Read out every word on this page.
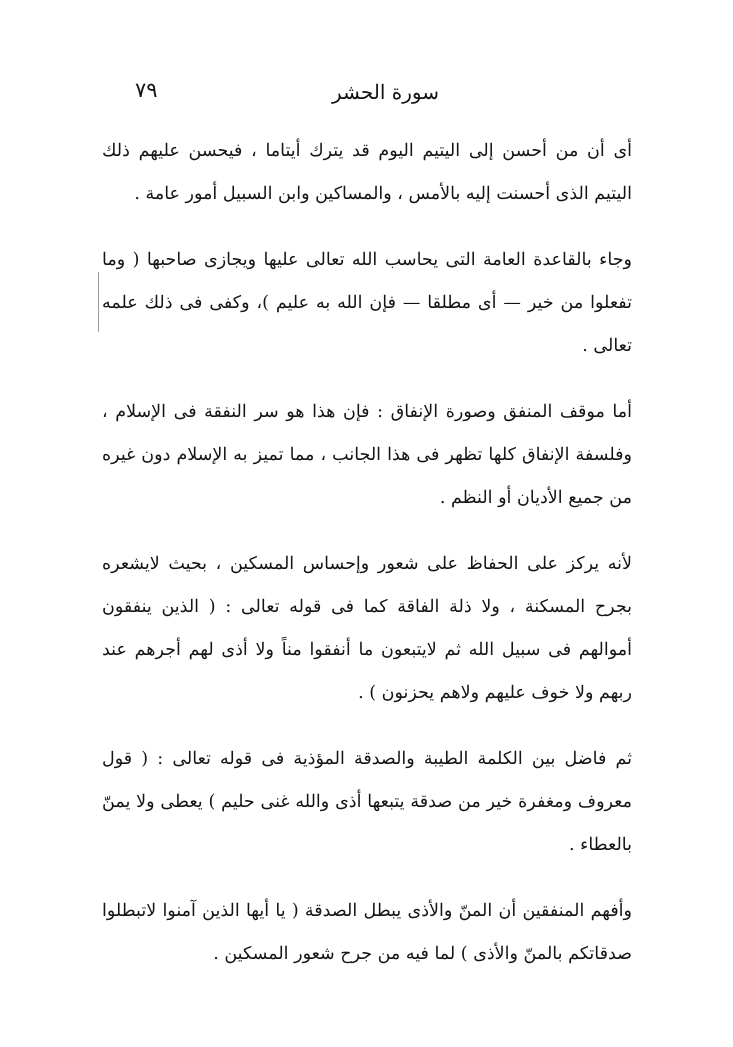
٧٩	سورة الحشر

أى أن من أحسن إلى اليتيم اليوم قد يترك أيتاما ، فيحسن عليهم ذلك اليتيم الذى أحسنت إليه بالأمس ، والمساكين وابن السبيل أمور عامة .

وجاء بالقاعدة العامة التى يحاسب الله تعالى عليها ويجازى صاحبها ( وما تفعلوا من خير — أى مطلقا — فإن الله به عليم )، وكفى فى ذلك علمه تعالى .

أما موقف المنفق وصورة الإنفاق : فإن هذا هو سر النفقة فى الإسلام ، وفلسفة الإنفاق كلها تظهر فى هذا الجانب ، مما تميز به الإسلام دون غيره من جميع الأديان أو النظم .

لأنه يركز على الحفاظ على شعور وإحساس المسكين ، بحيث لايشعره بجرح المسكنة ، ولا ذلة الفاقة كما فى قوله تعالى : ( الذين ينفقون أموالهم فى سبيل الله ثم لايتبعون ما أنفقوا مناً ولا أذى لهم أجرهم عند ربهم ولا خوف عليهم ولاهم يحزنون ) .

ثم فاضل بين الكلمة الطيبة والصدقة المؤذية فى قوله تعالى : ( قول معروف ومغفرة خير من صدقة يتبعها أذى والله غنى حليم ) يعطى ولا يمنّ بالعطاء .

وأفهم المنفقين أن المنّ والأذى يبطل الصدقة ( يا أيها الذين آمنوا لاتبطلوا صدقاتكم بالمنّ والأذى ) لما فيه من جرح شعور المسكين .
